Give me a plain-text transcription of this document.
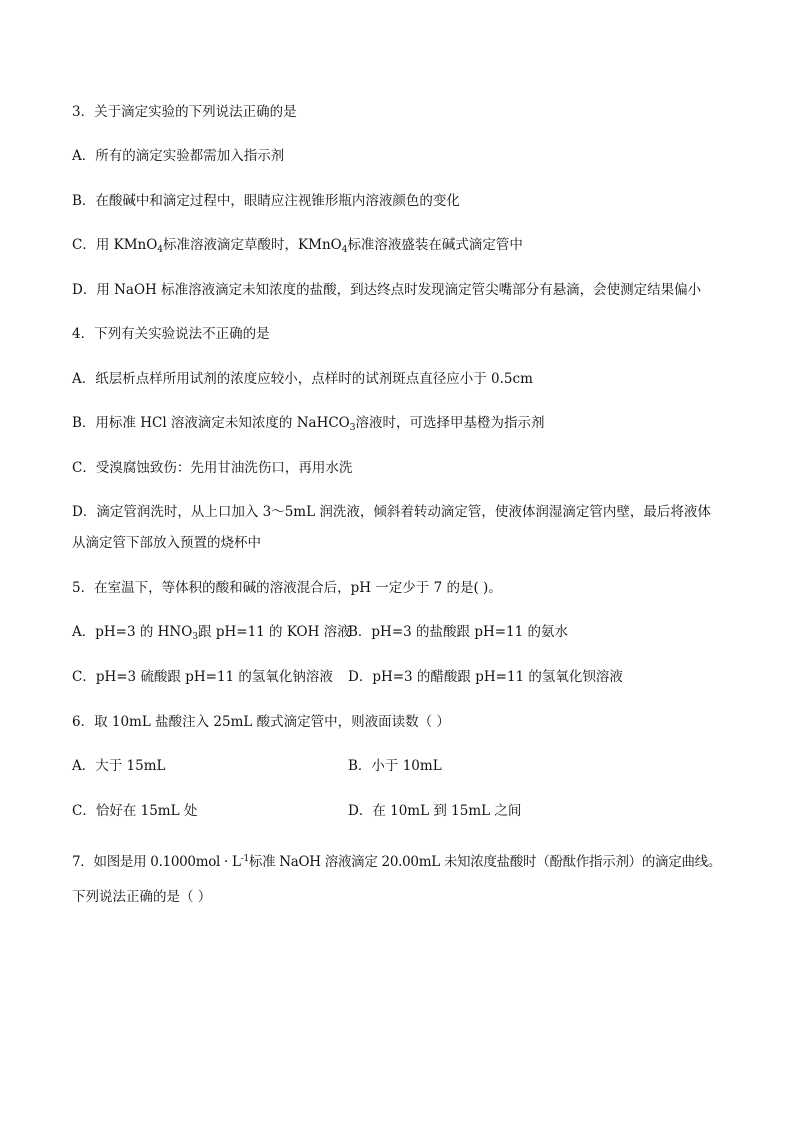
3．关于滴定实验的下列说法正确的是
A．所有的滴定实验都需加入指示剂
B．在酸碱中和滴定过程中，眼睛应注视锥形瓶内溶液颜色的变化
C．用 KMnO$_4$标准溶液滴定草酸时，KMnO$_4$标准溶液盛装在碱式滴定管中
D．用 NaOH 标准溶液滴定未知浓度的盐酸，到达终点时发现滴定管尖嘴部分有悬滴，会使测定结果偏小
4．下列有关实验说法不正确的是
A．纸层析点样所用试剂的浓度应较小，点样时的试剂斑点直径应小于 0.5cm
B．用标准 HCl 溶液滴定未知浓度的 NaHCO$_3$溶液时，可选择甲基橙为指示剂
C．受溴腐蚀致伤：先用甘油洗伤口，再用水洗
D．滴定管润洗时，从上口加入 3～5mL 润洗液，倾斜着转动滴定管，使液体润湿滴定管内壁，最后将液体
从滴定管下部放入预置的烧杯中
5．在室温下，等体积的酸和碱的溶液混合后，pH 一定少于 7 的是( )。
A．pH=3 的 $HNO_3$跟 pH=11 的 KOH 溶液
B．pH=3 的盐酸跟 pH=11 的氨水
C．pH=3 硫酸跟 pH=11 的氢氧化钠溶液 D．pH=3 的醋酸跟 pH=11 的氢氧化钡溶液
6．取 10mL 盐酸注入 25mL 酸式滴定管中，则液面读数（ ）
A．大于 15mL	B．小于 10mL
C．恰好在 15mL 处	D．在 10mL 到 15mL 之间
7．如图是用 $0.1000mol \cdot L^{-1}$标准 NaOH 溶液滴定 20.00mL 未知浓度盐酸时（酚酞作指示剂）的滴定曲线。
下列说法正确的是（ ）
